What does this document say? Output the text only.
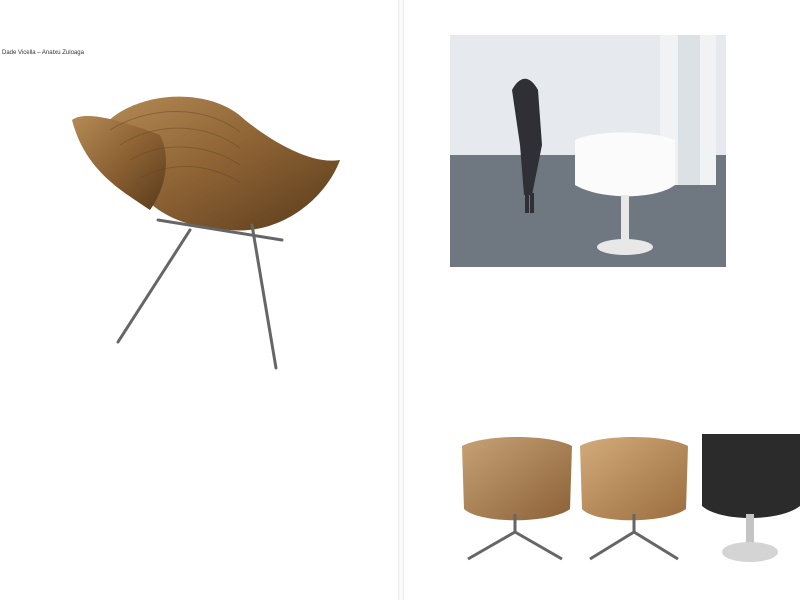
Dade Vicella – Anatxu Zuloaga
